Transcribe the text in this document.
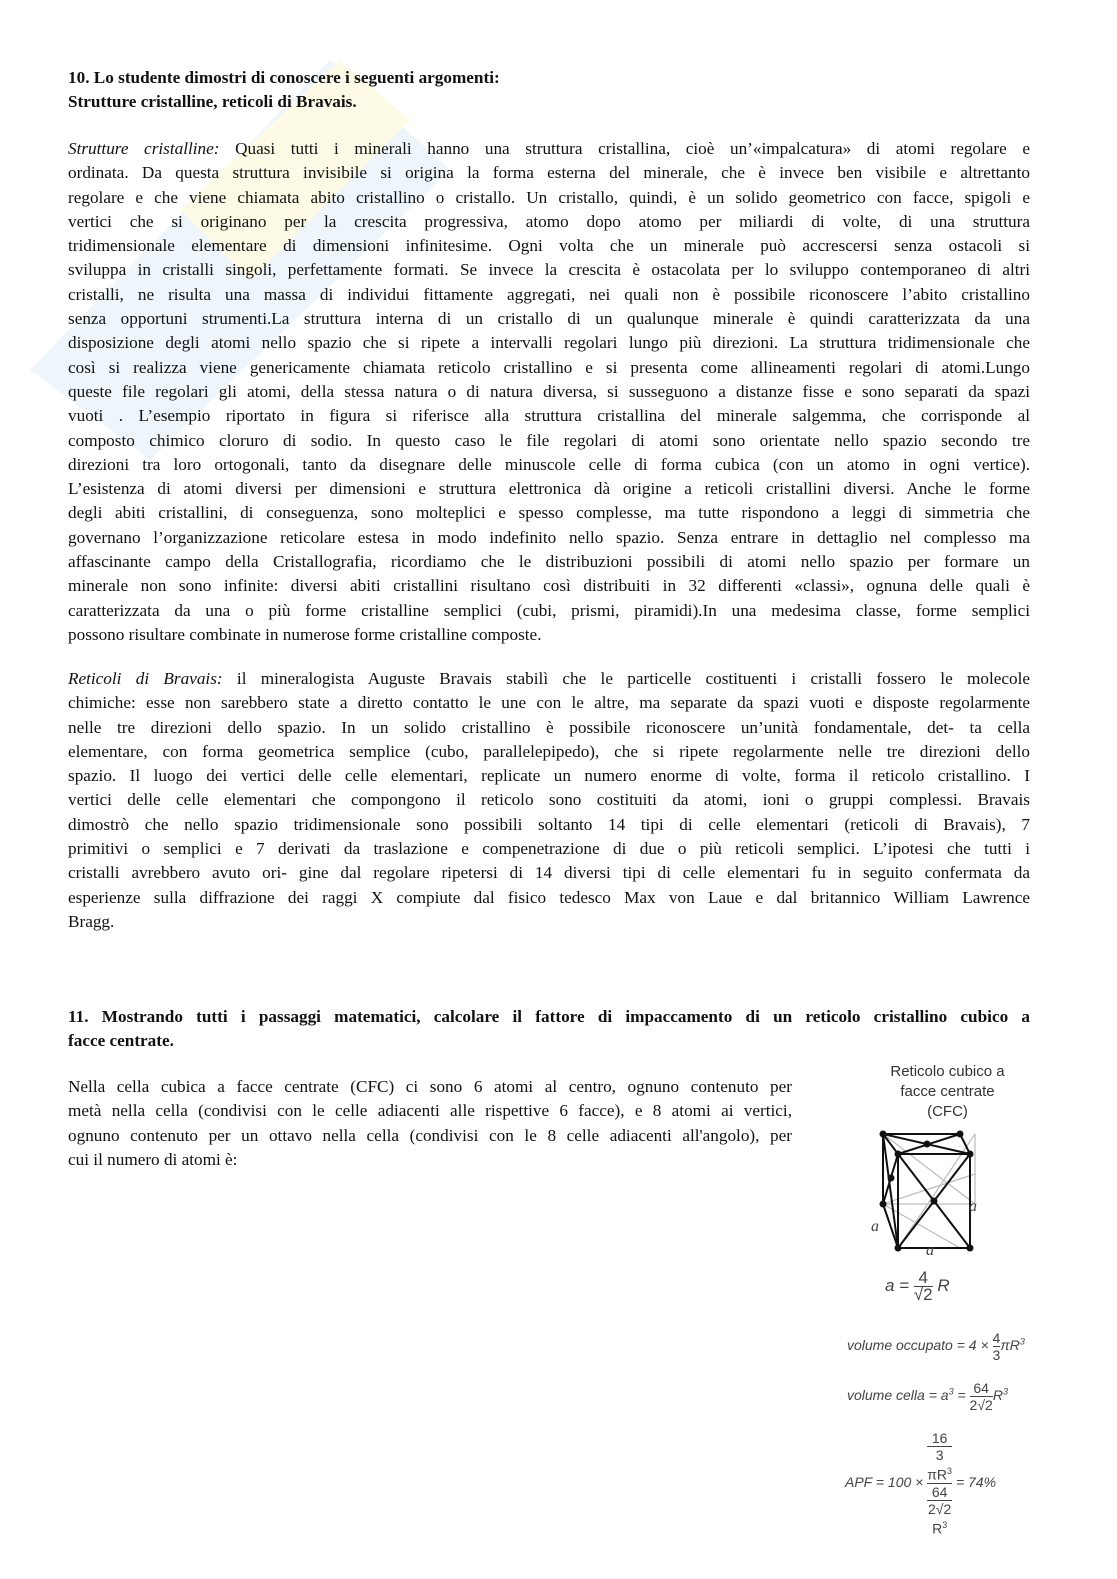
10. Lo studente dimostri di conoscere i seguenti argomenti:
Strutture cristalline, reticoli di Bravais.
Strutture cristalline: Quasi tutti i minerali hanno una struttura cristallina, cioè un’«impalcatura» di atomi regolare e
ordinata. Da questa struttura invisibile si origina la forma esterna del minerale, che è invece ben visibile e altrettanto
regolare e che viene chiamata abito cristallino o cristallo. Un cristallo, quindi, è un solido geometrico con facce, spigoli e
vertici che si originano per la crescita progressiva, atomo dopo atomo per miliardi di volte, di una struttura
tridimensionale elementare di dimensioni infinitesime. Ogni volta che un minerale può accrescersi senza ostacoli si
sviluppa in cristalli singoli, perfettamente formati. Se invece la crescita è ostacolata per lo sviluppo contemporaneo di altri
cristalli, ne risulta una massa di individui fittamente aggregati, nei quali non è possibile riconoscere l’abito cristallino
senza opportuni strumenti.La struttura interna di un cristallo di un qualunque minerale è quindi caratterizzata da una
disposizione degli atomi nello spazio che si ripete a intervalli regolari lungo più direzioni. La struttura tridimensionale che
così si realizza viene genericamente chiamata reticolo cristallino e si presenta come allineamenti regolari di atomi.Lungo
queste file regolari gli atomi, della stessa natura o di natura diversa, si susseguono a distanze fisse e sono separati da spazi
vuoti . L’esempio riportato in figura si riferisce alla struttura cristallina del minerale salgemma, che corrisponde al
composto chimico cloruro di sodio. In questo caso le file regolari di atomi sono orientate nello spazio secondo tre
direzioni tra loro ortogonali, tanto da disegnare delle minuscole celle di forma cubica (con un atomo in ogni vertice).
L’esistenza di atomi diversi per dimensioni e struttura elettronica dà origine a reticoli cristallini diversi. Anche le forme
degli abiti cristallini, di conseguenza, sono molteplici e spesso complesse, ma tutte rispondono a leggi di simmetria che
governano l’organizzazione reticolare estesa in modo indefinito nello spazio. Senza entrare in dettaglio nel complesso ma
affascinante campo della Cristallografia, ricordiamo che le distribuzioni possibili di atomi nello spazio per formare un
minerale non sono infinite: diversi abiti cristallini risultano così distribuiti in 32 differenti «classi», ognuna delle quali è
caratterizzata da una o più forme cristalline semplici (cubi, prismi, piramidi).In una medesima classe, forme semplici
possono risultare combinate in numerose forme cristalline composte.
Reticoli di Bravais: il mineralogista Auguste Bravais stabilì che le particelle costituenti i cristalli fossero le molecole
chimiche: esse non sarebbero state a diretto contatto le une con le altre, ma separate da spazi vuoti e disposte regolarmente
nelle tre direzioni dello spazio. In un solido cristallino è possibile riconoscere un’unità fondamentale, det- ta cella
elementare, con forma geometrica semplice (cubo, parallelepipedo), che si ripete regolarmente nelle tre direzioni dello
spazio. Il luogo dei vertici delle celle elementari, replicate un numero enorme di volte, forma il reticolo cristallino. I
vertici delle celle elementari che compongono il reticolo sono costituiti da atomi, ioni o gruppi complessi. Bravais
dimostrò che nello spazio tridimensionale sono possibili soltanto 14 tipi di celle elementari (reticoli di Bravais), 7
primitivi o semplici e 7 derivati da traslazione e compenetrazione di due o più reticoli semplici. L’ipotesi che tutti i
cristalli avrebbero avuto ori- gine dal regolare ripetersi di 14 diversi tipi di celle elementari fu in seguito confermata da
esperienze sulla diffrazione dei raggi X compiute dal fisico tedesco Max von Laue e dal britannico William Lawrence
Bragg.
11. Mostrando tutti i passaggi matematici, calcolare il fattore di impaccamento di un reticolo cristallino cubico a
facce centrate.
Nella cella cubica a facce centrate (CFC) ci sono 6 atomi al centro, ognuno contenuto per
metà nella cella (condivisi con le celle adiacenti alle rispettive 6 facce), e 8 atomi ai vertici,
ognuno contenuto per un ottavo nella cella (condivisi con le 8 celle adiacenti all'angolo), per
cui il numero di atomi è:
Reticolo cubico a
facce centrate
(CFC)
a
a
a
$a = \frac{4}{√2}$ R
volume occupato = $4 \times \frac{4}{3} \pi R^3$
volume cella = $a^3 = \frac{64}{2√2} R^3$
APF = 100 × 16
3
$\pi R^3$
64
2√2
$R^3 = 74\%$
